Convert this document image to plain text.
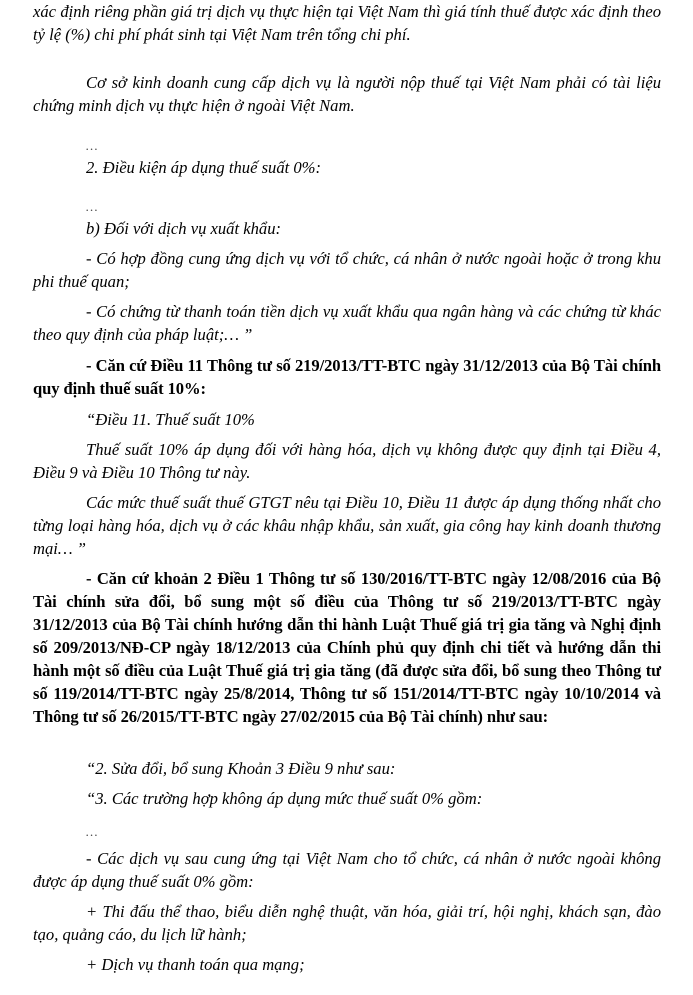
xác định riêng phần giá trị dịch vụ thực hiện tại Việt Nam thì giá tính thuế được xác định theo tỷ lệ (%) chi phí phát sinh tại Việt Nam trên tổng chi phí.

Cơ sở kinh doanh cung cấp dịch vụ là người nộp thuế tại Việt Nam phải có tài liệu chứng minh dịch vụ thực hiện ở ngoài Việt Nam.

…

2. Điều kiện áp dụng thuế suất 0%:

…

b) Đối với dịch vụ xuất khẩu:

- Có hợp đồng cung ứng dịch vụ với tổ chức, cá nhân ở nước ngoài hoặc ở trong khu phi thuế quan;

- Có chứng từ thanh toán tiền dịch vụ xuất khẩu qua ngân hàng và các chứng từ khác theo quy định của pháp luật;… ”

- Căn cứ Điều 11 Thông tư số 219/2013/TT-BTC ngày 31/12/2013 của Bộ Tài chính quy định thuế suất 10%:

“Điều 11. Thuế suất 10%

Thuế suất 10% áp dụng đối với hàng hóa, dịch vụ không được quy định tại Điều 4, Điều 9 và Điều 10 Thông tư này.

Các mức thuế suất thuế GTGT nêu tại Điều 10, Điều 11 được áp dụng thống nhất cho từng loại hàng hóa, dịch vụ ở các khâu nhập khẩu, sản xuất, gia công hay kinh doanh thương mại… ”

- Căn cứ khoản 2 Điều 1 Thông tư số 130/2016/TT-BTC ngày 12/08/2016 của Bộ Tài chính sửa đổi, bổ sung một số điều của Thông tư số 219/2013/TT-BTC ngày 31/12/2013 của Bộ Tài chính hướng dẫn thi hành Luật Thuế giá trị gia tăng và Nghị định số 209/2013/NĐ-CP ngày 18/12/2013 của Chính phủ quy định chi tiết và hướng dẫn thi hành một số điều của Luật Thuế giá trị gia tăng (đã được sửa đổi, bổ sung theo Thông tư số 119/2014/TT-BTC ngày 25/8/2014, Thông tư số 151/2014/TT-BTC ngày 10/10/2014 và Thông tư số 26/2015/TT-BTC ngày 27/02/2015 của Bộ Tài chính) như sau:

“2. Sửa đổi, bổ sung Khoản 3 Điều 9 như sau:

“3. Các trường hợp không áp dụng mức thuế suất 0% gồm:

…

- Các dịch vụ sau cung ứng tại Việt Nam cho tổ chức, cá nhân ở nước ngoài không được áp dụng thuế suất 0% gồm:

+ Thi đấu thể thao, biểu diễn nghệ thuật, văn hóa, giải trí, hội nghị, khách sạn, đào tạo, quảng cáo, du lịch lữ hành;

+ Dịch vụ thanh toán qua mạng;
